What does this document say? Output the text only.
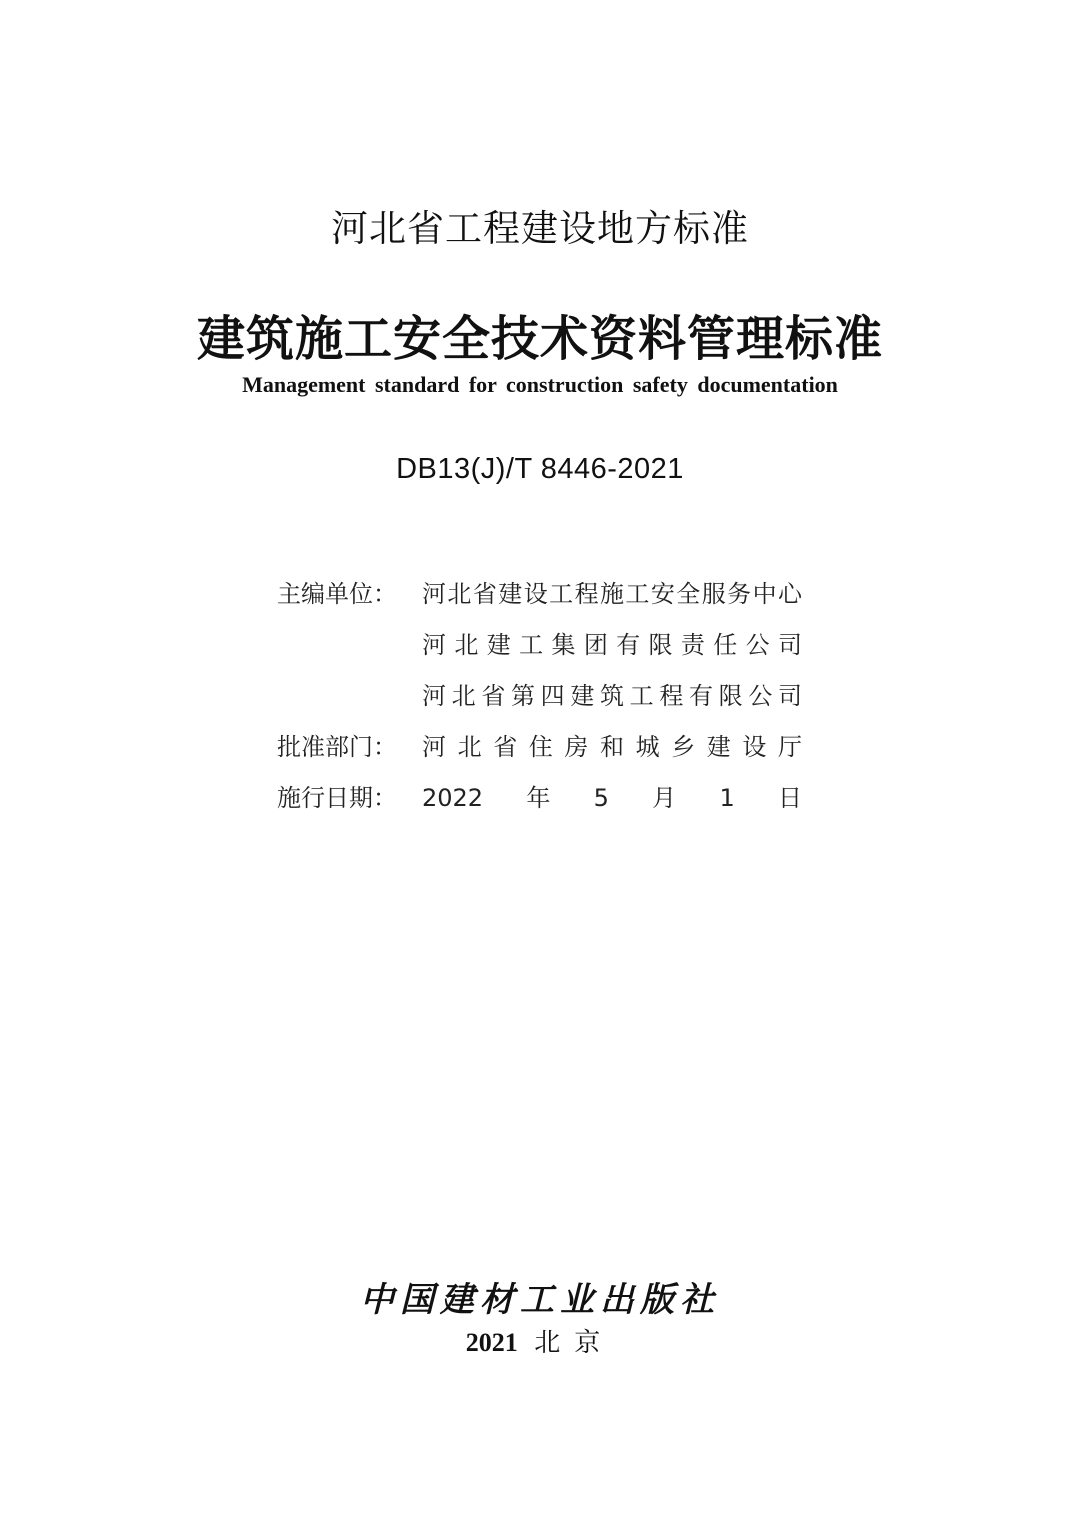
河北省工程建设地方标准
建筑施工安全技术资料管理标准
Management standard for construction safety documentation
DB13(J)/T 8446-2021
主编单位：	河北省建设工程施工安全服务中心
河北建工集团有限责任公司
河北省第四建筑工程有限公司
批准部门：	河北省住房和城乡建设厅
施行日期：	2022年5月1日
中国建材工业出版社
2021 北京
